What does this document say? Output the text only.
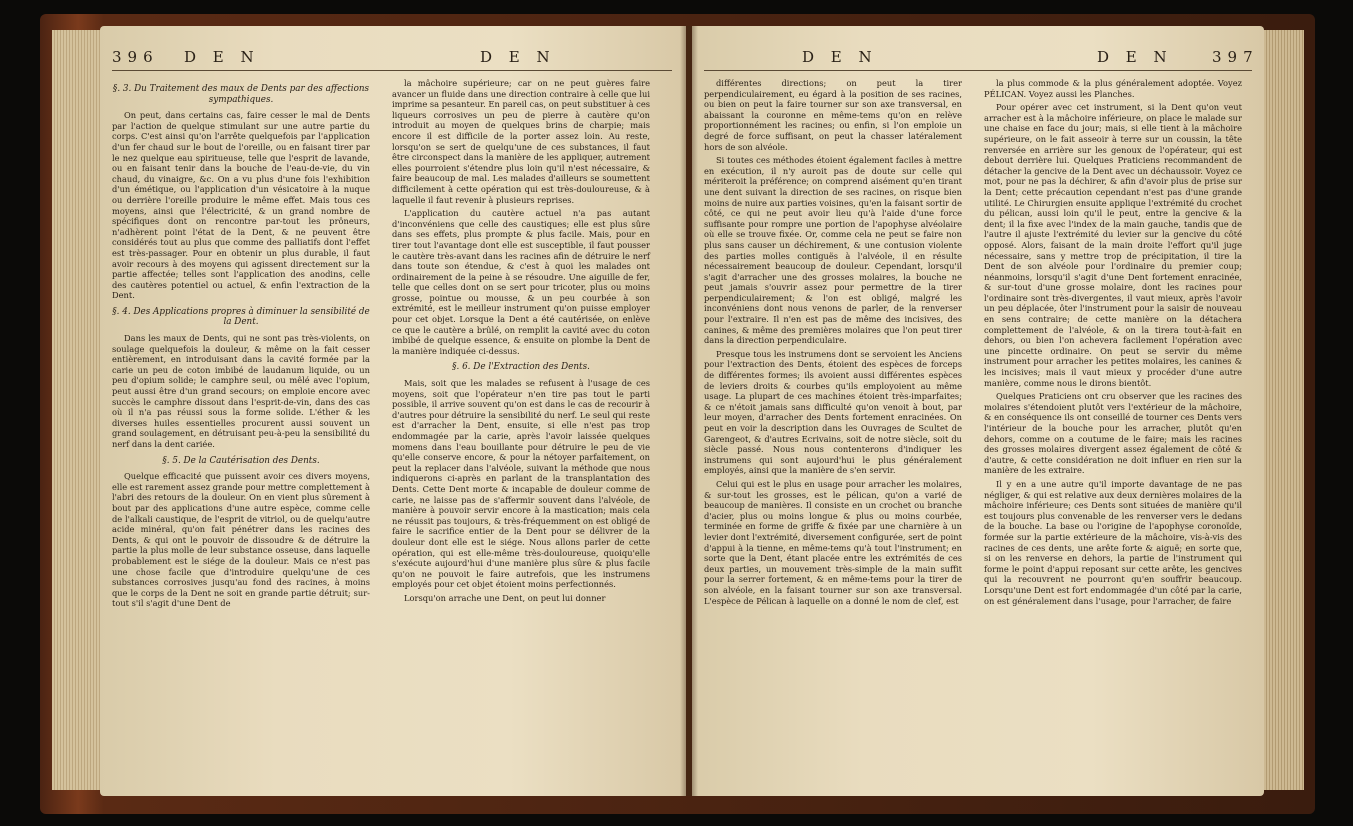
396 D E N	D E N
§. 3. Du Traitement des maux de Dents par des affections sympathiques.

On peut, dans certains cas, faire cesser le mal de Dents par l'action de quelque stimulant sur une autre partie du corps. C'est ainsi qu'on l'arrête quelquefois par l'application d'un fer chaud sur le bout de l'oreille, ou en faisant tirer par le nez quelque eau spiritueuse, telle que l'esprit de lavande, ou en faisant tenir dans la bouche de l'eau-de-vie, du vin chaud, du vinaigre, &c. On a vu plus d'une fois l'exhibition d'un émétique, ou l'application d'un vésicatoire à la nuque ou derrière l'oreille produire le même effet. Mais tous ces moyens, ainsi que l'électricité, & un grand nombre de spécifiques dont on rencontre par-tout les prôneurs, n'adhèrent point l'état de la Dent, & ne peuvent être considérés tout au plus que comme des palliatifs dont l'effet est très-passager. Pour en obtenir un plus durable, il faut avoir recours à des moyens qui agissent directement sur la partie affectée; telles sont l'application des anodins, celle des cautères potentiel ou actuel, & enfin l'extraction de la Dent.

§. 4. Des Applications propres à diminuer la sensibilité de la Dent.

Dans les maux de Dents, qui ne sont pas très-violents, on soulage quelquefois la douleur, & même on la fait cesser entièrement, en introduisant dans la cavité formée par la carie un peu de coton imbibé de laudanum liquide, ou un peu d'opium solide; le camphre seul, ou mêlé avec l'opium, peut aussi être d'un grand secours; on emploie encore avec succès le camphre dissout dans l'esprit-de-vin, dans des cas où il n'a pas réussi sous la forme solide. L'éther & les diverses huiles essentielles procurent aussi souvent un grand soulagement, en détruisant peu-à-peu la sensibilité du nerf dans la dent cariée.

§. 5. De la Cautérisation des Dents.

Quelque efficacité que puissent avoir ces divers moyens, elle est rarement assez grande pour mettre complettement à l'abri des retours de la douleur. On en vient plus sûrement à bout par des applications d'une autre espèce, comme celle de l'alkali caustique, de l'esprit de vitriol, ou de quelqu'autre acide minéral, qu'on fait pénétrer dans les racines des Dents, & qui ont le pouvoir de dissoudre & de détruire la partie la plus molle de leur substance osseuse, dans laquelle probablement est le siége de la douleur. Mais ce n'est pas une chose facile que d'introduire quelqu'une de ces substances corrosives jusqu'au fond des racines, à moins que le corps de la Dent ne soit en grande partie détruit; sur-tout s'il s'agit d'une Dent de

la mâchoire supérieure; car on ne peut guères faire avancer un fluide dans une direction contraire à celle que lui imprime sa pesanteur. En pareil cas, on peut substituer à ces liqueurs corrosives un peu de pierre à cautère qu'on introduit au moyen de quelques brins de charpie; mais encore il est difficile de la porter assez loin. Au reste, lorsqu'on se sert de quelqu'une de ces substances, il faut être circonspect dans la manière de les appliquer, autrement elles pourroient s'étendre plus loin qu'il n'est nécessaire, & faire beaucoup de mal. Les malades d'ailleurs se soumettent difficilement à cette opération qui est très-douloureuse, & à laquelle il faut revenir à plusieurs reprises.

L'application du cautère actuel n'a pas autant d'inconvéniens que celle des caustiques; elle est plus sûre dans ses effets, plus prompte & plus facile. Mais, pour en tirer tout l'avantage dont elle est susceptible, il faut pousser le cautère très-avant dans les racines afin de détruire le nerf dans toute son étendue, & c'est à quoi les malades ont ordinairement de la peine à se résoudre. Une aiguille de fer, telle que celles dont on se sert pour tricoter, plus ou moins grosse, pointue ou mousse, & un peu courbée à son extrémité, est le meilleur instrument qu'on puisse employer pour cet objet. Lorsque la Dent a été cautérisée, on enlève ce que le cautère a brûlé, on remplit la cavité avec du coton imbibé de quelque essence, & ensuite on plombe la Dent de la manière indiquée ci-dessus.

§. 6. De l'Extraction des Dents.

Mais, soit que les malades se refusent à l'usage de ces moyens, soit que l'opérateur n'en tire pas tout le parti possible, il arrive souvent qu'on est dans le cas de recourir à d'autres pour détruire la sensibilité du nerf. Le seul qui reste est d'arracher la Dent, ensuite, si elle n'est pas trop endommagée par la carie, après l'avoir laissée quelques momens dans l'eau bouillante pour détruire le peu de vie qu'elle conserve encore, & pour la nétoyer parfaitement, on peut la replacer dans l'alvéole, suivant la méthode que nous indiquerons ci-après en parlant de la transplantation des Dents. Cette Dent morte & incapable de douleur comme de carie, ne laisse pas de s'affermir souvent dans l'alvéole, de manière à pouvoir servir encore à la mastication; mais cela ne réussit pas toujours, & très-fréquemment on est obligé de faire le sacrifice entier de la Dent pour se délivrer de la douleur dont elle est le siége. Nous allons parler de cette opération, qui est elle-même très-douloureuse, quoiqu'elle s'exécute aujourd'hui d'une manière plus sûre & plus facile qu'on ne pouvoit le faire autrefois, que les instrumens employés pour cet objet étoient moins perfectionnés.

Lorsqu'on arrache une Dent, on peut lui donner

D E N	D E N	397

différentes directions; on peut la tirer perpendiculairement, eu égard à la position de ses racines, ou bien on peut la faire tourner sur son axe transversal, en abaissant la couronne en même-tems qu'on en relève proportionnément les racines; ou enfin, si l'on emploie un degré de force suffisant, on peut la chasser latéralement hors de son alvéole.

Si toutes ces méthodes étoient également faciles à mettre en exécution, il n'y auroit pas de doute sur celle qui mériteroit la préférence; on comprend aisément qu'en tirant une dent suivant la direction de ses racines, on risque bien moins de nuire aux parties voisines, qu'en la faisant sortir de côté, ce qui ne peut avoir lieu qu'à l'aide d'une force suffisante pour rompre une portion de l'apophyse alvéolaire où elle se trouve fixée. Or, comme cela ne peut se faire non plus sans causer un déchirement, & une contusion violente des parties molles contiguës à l'alvéole, il en résulte nécessairement beaucoup de douleur. Cependant, lorsqu'il s'agit d'arracher une des grosses molaires, la bouche ne peut jamais s'ouvrir assez pour permettre de la tirer perpendiculairement; & l'on est obligé, malgré les inconvéniens dont nous venons de parler, de la renverser pour l'extraire. Il n'en est pas de même des incisives, des canines, & même des premières molaires que l'on peut tirer dans la direction perpendiculaire.

Presque tous les instrumens dont se servoient les Anciens pour l'extraction des Dents, étoient des espèces de forceps de différentes formes; ils avoient aussi différentes espèces de leviers droits & courbes qu'ils employoient au même usage. La plupart de ces machines étoient très-imparfaites; & ce n'étoit jamais sans difficulté qu'on venoit à bout, par leur moyen, d'arracher des Dents fortement enracinées. On peut en voir la description dans les Ouvrages de Scultet de Garengeot, & d'autres Ecrivains, soit de notre siècle, soit du siècle passé. Nous nous contenterons d'indiquer les instrumens qui sont aujourd'hui le plus généralement employés, ainsi que la manière de s'en servir.

Celui qui est le plus en usage pour arracher les molaires, & sur-tout les grosses, est le pélican, qu'on a varié de beaucoup de manières. Il consiste en un crochet ou branche d'acier, plus ou moins longue & plus ou moins courbée, terminée en forme de griffe & fixée par une charnière à un levier dont l'extrémité, diversement configurée, sert de point d'appui à la tienne, en même-tems qu'à tout l'instrument; en sorte que la Dent, étant placée entre les extrémités de ces deux parties, un mouvement très-simple de la main suffit pour la serrer fortement, & en même-tems pour la tirer de son alvéole, en la faisant tourner sur son axe transversal. L'espèce de Pélican à laquelle on a donné le nom de clef, est

la plus commode & la plus généralement adoptée. Voyez PÉLICAN. Voyez aussi les Planches.

Pour opérer avec cet instrument, si la Dent qu'on veut arracher est à la mâchoire inférieure, on place le malade sur une chaise en face du jour; mais, si elle tient à la mâchoire supérieure, on le fait asseoir à terre sur un coussin, la tête renversée en arrière sur les genoux de l'opérateur, qui est debout derrière lui. Quelques Praticiens recommandent de détacher la gencive de la Dent avec un déchaussoir. Voyez ce mot, pour ne pas la déchirer, & afin d'avoir plus de prise sur la Dent; cette précaution cependant n'est pas d'une grande utilité. Le Chirurgien ensuite applique l'extrémité du crochet du pélican, aussi loin qu'il le peut, entre la gencive & la dent; il la fixe avec l'index de la main gauche, tandis que de l'autre il ajuste l'extrémité du levier sur la gencive du côté opposé. Alors, faisant de la main droite l'effort qu'il juge nécessaire, sans y mettre trop de précipitation, il tire la Dent de son alvéole pour l'ordinaire du premier coup; néanmoins, lorsqu'il s'agit d'une Dent fortement enracinée, & sur-tout d'une grosse molaire, dont les racines pour l'ordinaire sont très-divergentes, il vaut mieux, après l'avoir un peu déplacée, ôter l'instrument pour la saisir de nouveau en sens contraire; de cette manière on la détachera complettement de l'alvéole, & on la tirera tout-à-fait en dehors, ou bien l'on achevera facilement l'opération avec une pincette ordinaire. On peut se servir du même instrument pour arracher les petites molaires, les canines & les incisives; mais il vaut mieux y procéder d'une autre manière, comme nous le dirons bientôt.

Quelques Praticiens ont cru observer que les racines des molaires s'étendoient plutôt vers l'extérieur de la mâchoire, & en conséquence ils ont conseillé de tourner ces Dents vers l'intérieur de la bouche pour les arracher, plutôt qu'en dehors, comme on a coutume de le faire; mais les racines des grosses molaires divergent assez également de côté & d'autre, & cette considération ne doit influer en rien sur la manière de les extraire.

Il y en a une autre qu'il importe davantage de ne pas négliger, & qui est relative aux deux dernières molaires de la mâchoire inférieure; ces Dents sont situées de manière qu'il est toujours plus convenable de les renverser vers le dedans de la bouche. La base ou l'origine de l'apophyse coronoïde, formée sur la partie extérieure de la mâchoire, vis-à-vis des racines de ces dents, une arête forte & aiguë; en sorte que, si on les renverse en dehors, la partie de l'instrument qui forme le point d'appui reposant sur cette arête, les gencives qui la recouvrent ne pourront qu'en souffrir beaucoup. Lorsqu'une Dent est fort endommagée d'un côté par la carie, on est généralement dans l'usage, pour l'arracher, de faire
